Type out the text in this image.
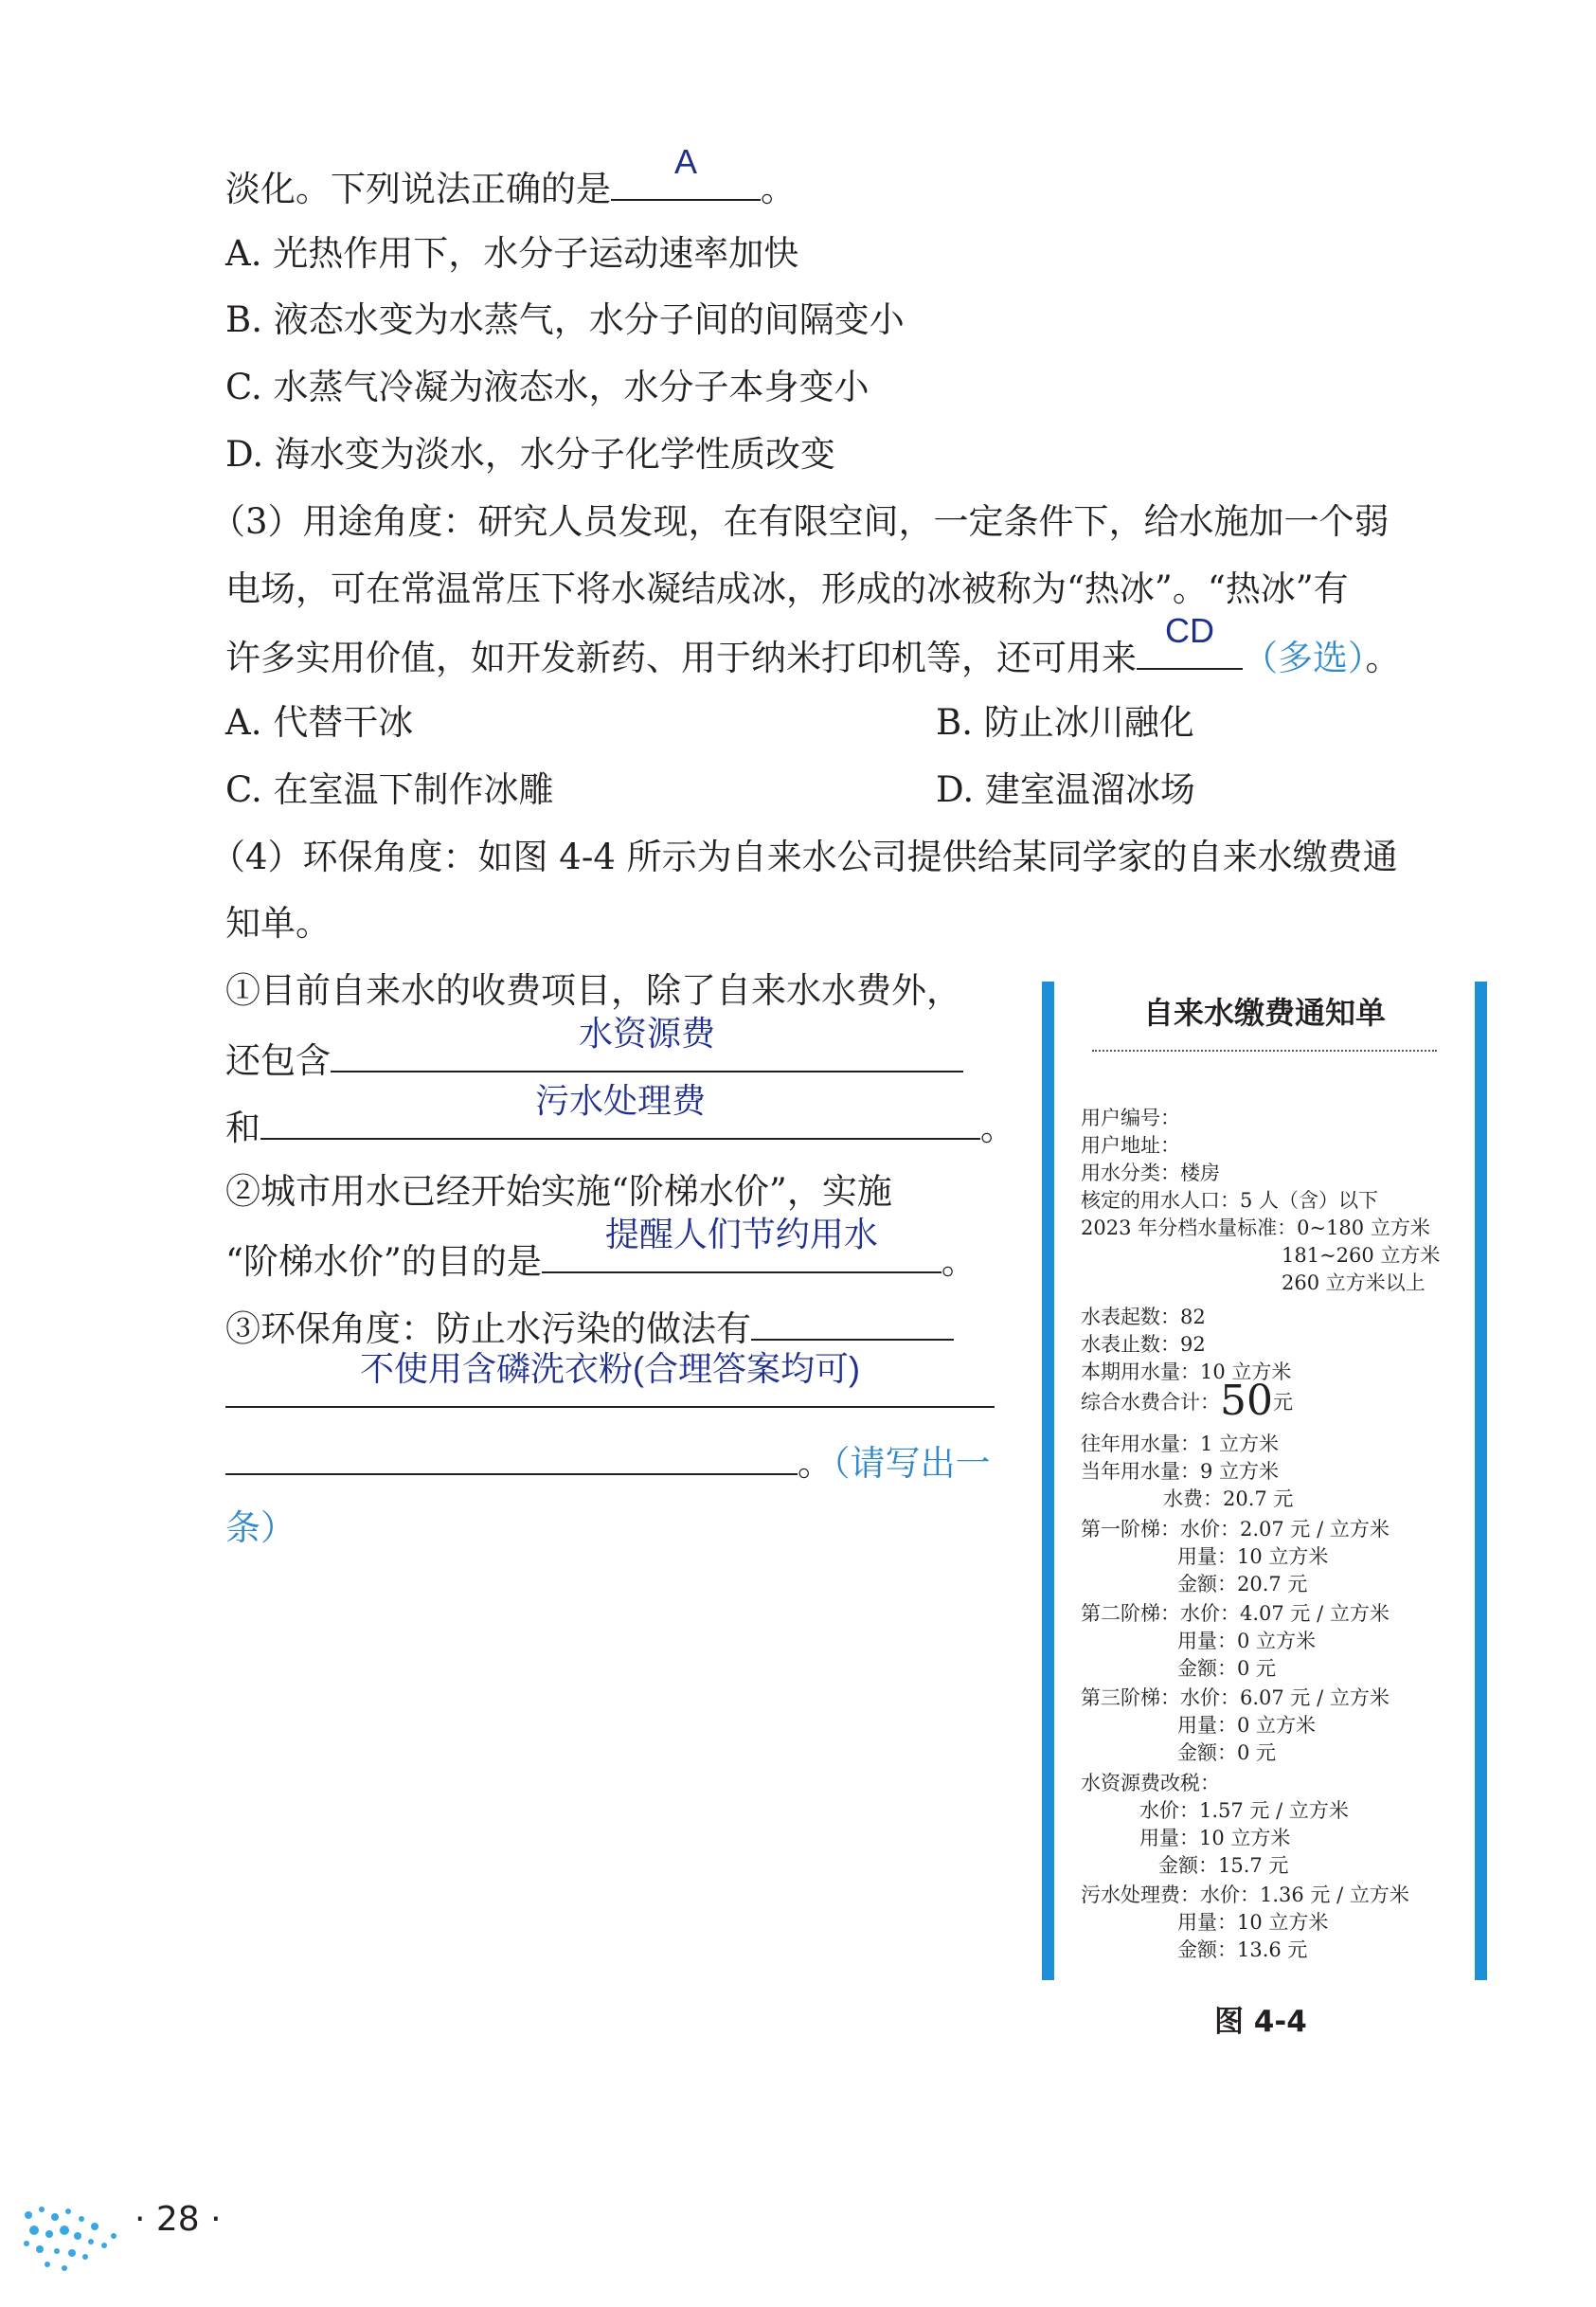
淡化。下列说法正确的是
A
。
A. 光热作用下，水分子运动速率加快
B. 液态水变为水蒸气，水分子间的间隔变小
C. 水蒸气冷凝为液态水，水分子本身变小
D. 海水变为淡水，水分子化学性质改变
（3）用途角度：研究人员发现，在有限空间，一定条件下，给水施加一个弱
电场，可在常温常压下将水凝结成冰，形成的冰被称为“热冰”。“热冰”有
许多实用价值，如开发新药、用于纳米打印机等，还可用来
CD
（多选）。
A. 代替干冰	B. 防止冰川融化
C. 在室温下制作冰雕	D. 建室温溜冰场
（4）环保角度：如图 4-4 所示为自来水公司提供给某同学家的自来水缴费通
知单。
①目前自来水的收费项目，除了自来水水费外，
还包含
水资源费
和
污水处理费
。
②城市用水已经开始实施“阶梯水价”，实施
“阶梯水价”的目的是
提醒人们节约用水
。
③环保角度：防止水污染的做法有
不使用含磷洗衣粉(合理答案均可)
。（请写出一
条）
自来水缴费通知单
用户编号：
用户地址：
用水分类：楼房
核定的用水人口：5 人（含）以下
2023 年分档水量标准：0~180 立方米
181~260 立方米
260 立方米以上
水表起数：82
水表止数：92
本期用水量：10 立方米
综合水费合计：50元
往年用水量：1 立方米
当年用水量：9 立方米
水费：20.7 元
第一阶梯：水价：2.07 元 / 立方米
用量：10 立方米
金额：20.7 元
第二阶梯：水价：4.07 元 / 立方米
用量：0 立方米
金额：0 元
第三阶梯：水价：6.07 元 / 立方米
用量：0 立方米
金额：0 元
水资源费改税：
水价：1.57 元 / 立方米
用量：10 立方米
金额：15.7 元
污水处理费：水价：1.36 元 / 立方米
用量：10 立方米
金额：13.6 元
图 4-4
· 28 ·
